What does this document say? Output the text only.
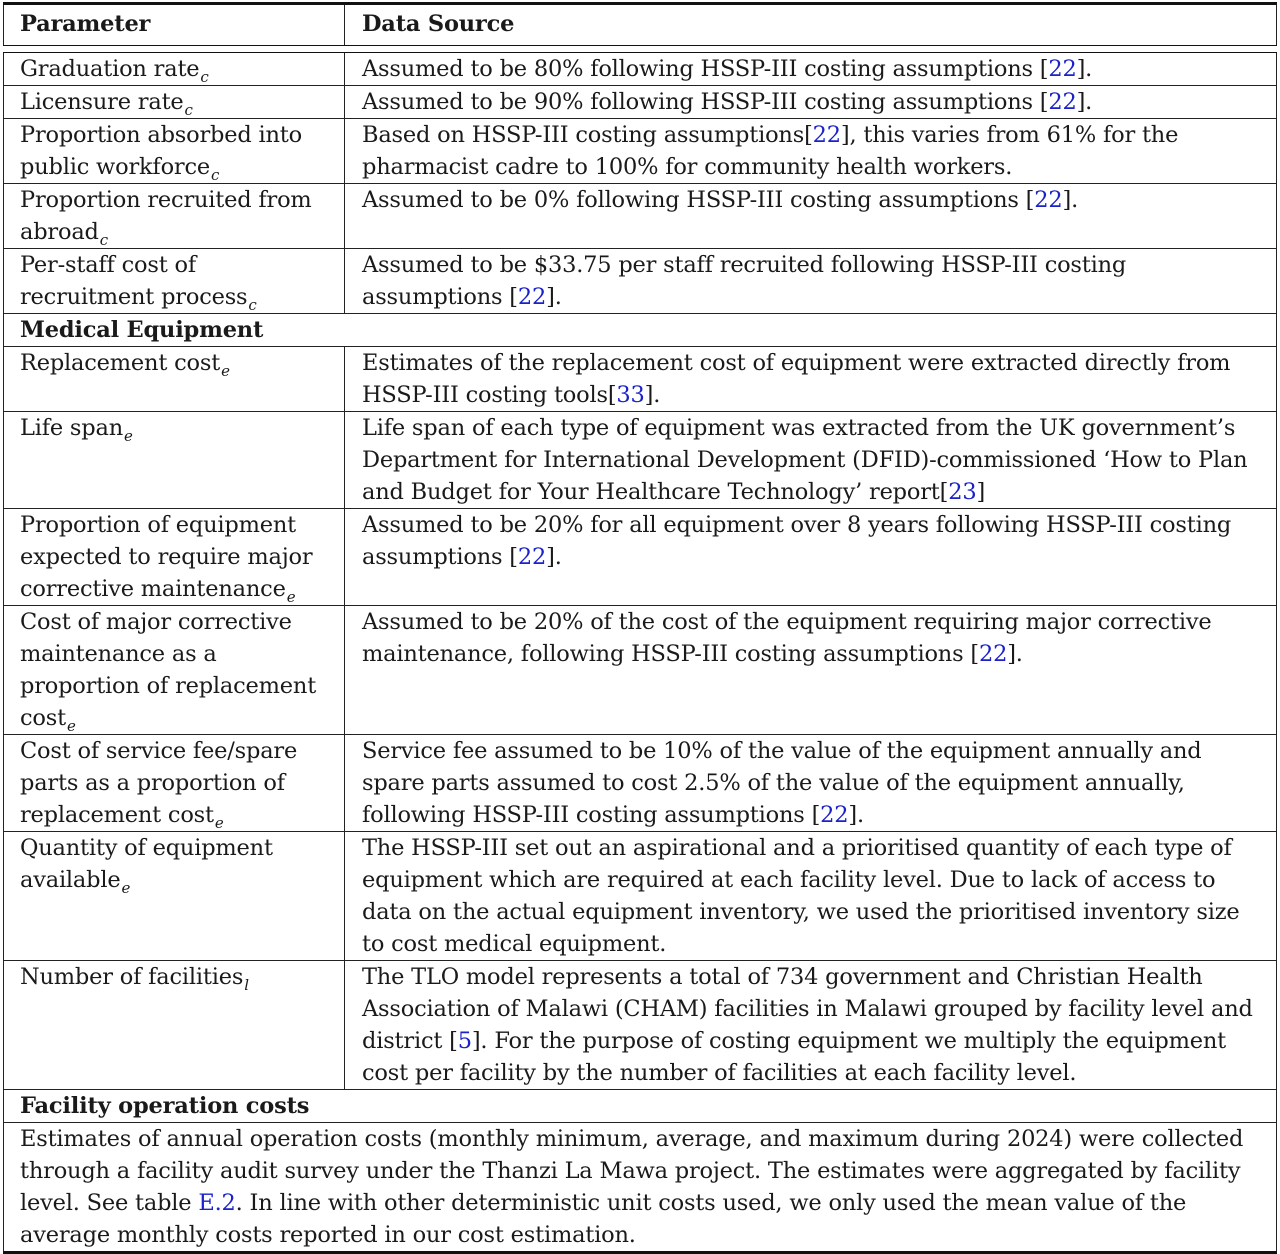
Parameter	Data Source

Graduation rate$_c$	Assumed to be 80% following HSSP-III costing assumptions [22].
Licensure rate$_c$	Assumed to be 90% following HSSP-III costing assumptions [22].
Proportion absorbed into public workforce$_c$	Based on HSSP-III costing assumptions[22], this varies from 61% for the pharmacist cadre to 100% for community health workers.
Proportion recruited from abroad$_c$	Assumed to be 0% following HSSP-III costing assumptions [22].
Per-staff cost of recruitment process$_c$	Assumed to be $33.75 per staff recruited following HSSP-III costing assumptions [22].
Medical Equipment	
Replacement cost$_e$	Estimates of the replacement cost of equipment were extracted directly from HSSP-III costing tools[33].
Life span$_e$	Life span of each type of equipment was extracted from the UK government’s Department for International Development (DFID)-commissioned ‘How to Plan and Budget for Your Healthcare Technology’ report[23]
Proportion of equipment expected to require major corrective maintenance$_e$	Assumed to be 20% for all equipment over 8 years following HSSP-III costing assumptions [22].
Cost of major corrective maintenance as a proportion of replacement cost$_e$	Assumed to be 20% of the cost of the equipment requiring major corrective maintenance, following HSSP-III costing assumptions [22].
Cost of service fee/spare parts as a proportion of replacement cost$_e$	Service fee assumed to be 10% of the value of the equipment annually and spare parts assumed to cost 2.5% of the value of the equipment annually, following HSSP-III costing assumptions [22].
Quantity of equipment available$_e$	The HSSP-III set out an aspirational and a prioritised quantity of each type of equipment which are required at each facility level. Due to lack of access to data on the actual equipment inventory, we used the prioritised inventory size to cost medical equipment.
Number of facilities$_l$	The TLO model represents a total of 734 government and Christian Health Association of Malawi (CHAM) facilities in Malawi grouped by facility level and district [5]. For the purpose of costing equipment we multiply the equipment cost per facility by the number of facilities at each facility level.
Facility operation costs	
Estimates of annual operation costs (monthly minimum, average, and maximum during 2024) were collected through a facility audit survey under the Thanzi La Mawa project. The estimates were aggregated by facility level. See table E.2. In line with other deterministic unit costs used, we only used the mean value of the average monthly costs reported in our cost estimation.	
